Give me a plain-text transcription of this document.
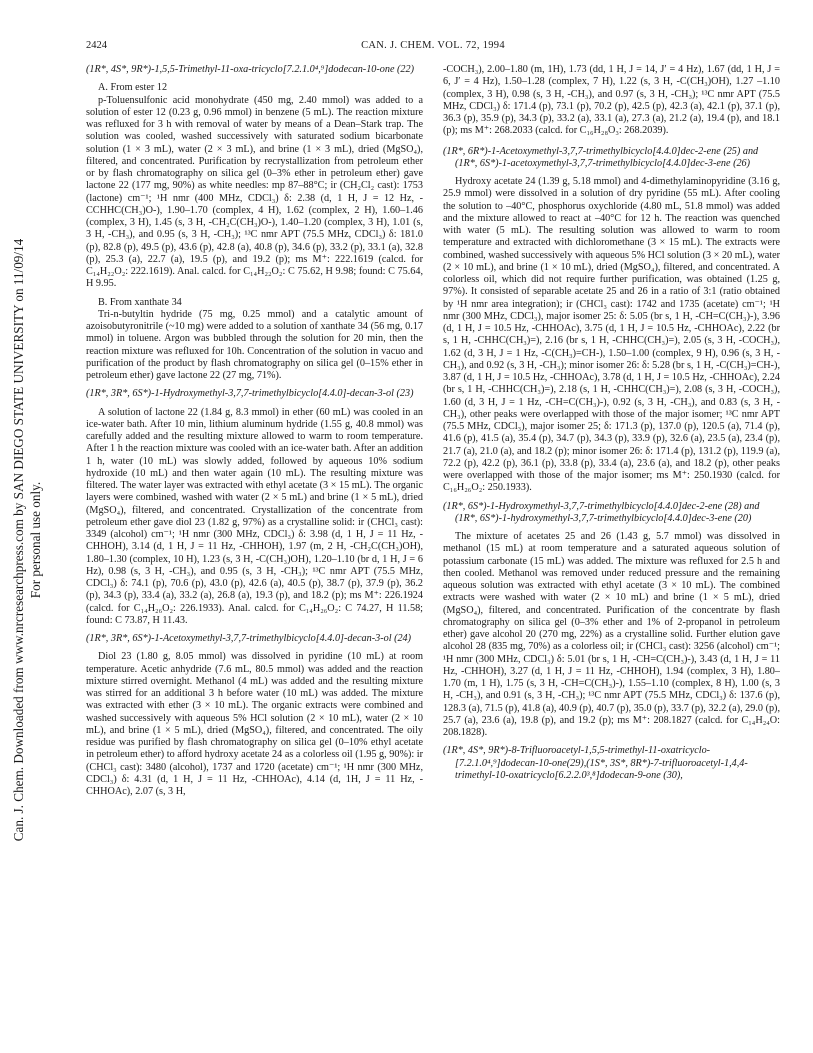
Can. J. Chem. Downloaded from www.nrcresearchpress.com by SAN DIEGO STATE UNIVERSITY on 11/09/14 For personal use only.
2424	CAN. J. CHEM. VOL. 72, 1994

(1R*, 4S*, 9R*)-1,5,5-Trimethyl-11-oxa-tricyclo[7.2.1.0⁴,⁹]dodecan-10-one (22)

A. From ester 12

p-Toluensulfonic acid monohydrate (450 mg, 2.40 mmol) was added to a solution of ester 12 (0.23 g, 0.96 mmol) in benzene (5 mL). The reaction mixture was refluxed for 3 h with removal of water by means of a Dean–Stark trap. The solution was cooled, washed successively with saturated sodium bicarbonate solution (1 × 3 mL), water (2 × 3 mL), and brine (1 × 3 mL), dried (MgSO₄), filtered, and concentrated. Purification by recrystallization from petroleum ether or by flash chromatography on silica gel (0–3% ether in petroleum ether) gave lactone 22 (177 mg, 90%) as white needles: mp 87–88°C; ir (CH₂Cl₂ cast): 1753 (lactone) cm⁻¹; ¹H nmr (400 MHz, CDCl₃) δ: 2.38 (d, 1 H, J = 12 Hz, -CCHHC(CH₃)O-), 1.90–1.70 (complex, 4 H), 1.62 (complex, 2 H), 1.60–1.46 (complex, 3 H), 1.45 (s, 3 H, -CH₂C(CH₃)O-), 1.40–1.20 (complex, 3 H), 1.01 (s, 3 H, -CH₃), and 0.95 (s, 3 H, -CH₃); ¹³C nmr APT (75.5 MHz, CDCl₃) δ: 181.0 (p), 82.8 (p), 49.5 (p), 43.6 (p), 42.8 (a), 40.8 (p), 34.6 (p), 33.2 (p), 33.1 (a), 32.8 (p), 25.3 (a), 22.7 (a), 19.5 (p), and 19.2 (p); ms M⁺: 222.1619 (calcd. for C₁₄H₂₂O₂: 222.1619). Anal. calcd. for C₁₄H₂₂O₂: C 75.62, H 9.98; found: C 75.64, H 9.95.

B. From xanthate 34

Tri-n-butyltin hydride (75 mg, 0.25 mmol) and a catalytic amount of azoisobutyronitrile (~10 mg) were added to a solution of xanthate 34 (56 mg, 0.17 mmol) in toluene. Argon was bubbled through the solution for 20 min, then the reaction mixture was refluxed for 10h. Concentration of the solution in vacuo and purification of the product by flash chromatography on silica gel (0–15% ether in petroleum ether) gave lactone 22 (27 mg, 71%).

(1R*, 3R*, 6S*)-1-Hydroxymethyl-3,7,7-trimethylbicyclo[4.4.0]-decan-3-ol (23)

A solution of lactone 22 (1.84 g, 8.3 mmol) in ether (60 mL) was cooled in an ice-water bath. After 10 min, lithium aluminum hydride (1.55 g, 40.8 mmol) was carefully added and the resulting mixture allowed to warm to room temperature. After 1 h the reaction mixture was cooled with an ice-water bath. After an addition 1 h, water (10 mL) was slowly added, followed by aqueous 10% sodium hydroxide (10 mL) and then water again (10 mL). The resulting mixture was filtered. The water layer was extracted with ethyl acetate (3 × 15 mL). The organic layers were combined, washed with water (2 × 5 mL) and brine (1 × 5 mL), dried (MgSO₄), filtered, and concentrated. Crystallization of the concentrate from petroleum ether gave diol 23 (1.82 g, 97%) as a crystalline solid: ir (CHCl₃ cast): 3349 (alcohol) cm⁻¹; ¹H nmr (300 MHz, CDCl₃) δ: 3.98 (d, 1 H, J = 11 Hz, -CHHOH), 3.14 (d, 1 H, J = 11 Hz, -CHHOH), 1.97 (m, 2 H, -CH₂C(CH₃)OH), 1.80–1.30 (complex, 10 H), 1.23 (s, 3 H, -C(CH₃)OH), 1.20–1.10 (br d, 1 H, J = 6 Hz), 0.98 (s, 3 H, -CH₃), and 0.95 (s, 3 H, -CH₃); ¹³C nmr APT (75.5 MHz, CDCl₃) δ: 74.1 (p), 70.6 (p), 43.0 (p), 42.6 (a), 40.5 (p), 38.7 (p), 37.9 (p), 36.2 (p), 34.3 (p), 33.4 (a), 33.2 (a), 26.8 (a), 19.3 (p), and 18.2 (p); ms M⁺: 226.1924 (calcd. for C₁₄H₂₆O₂: 226.1933). Anal. calcd. for C₁₄H₂₆O₂: C 74.27, H 11.58; found: C 73.87, H 11.43.

(1R*, 3R*, 6S*)-1-Acetoxymethyl-3,7,7-trimethylbicyclo[4.4.0]-decan-3-ol (24)

Diol 23 (1.80 g, 8.05 mmol) was dissolved in pyridine (10 mL) at room temperature. Acetic anhydride (7.6 mL, 80.5 mmol) was added and the reaction mixture stirred overnight. Methanol (4 mL) was added and the resulting mixture was stirred for an additional 3 h before water (10 mL) was added. The mixture was extracted with ether (3 × 10 mL). The organic extracts were combined and washed successively with aqueous 5% HCl solution (2 × 10 mL), water (2 × 10 mL), and brine (1 × 5 mL), dried (MgSO₄), filtered, and concentrated. The oily residue was purified by flash chromatography on silica gel (0–10% ethyl acetate in petroleum ether) to afford hydroxy acetate 24 as a colorless oil (1.95 g, 90%): ir (CHCl₃ cast): 3480 (alcohol), 1737 and 1720 (acetate) cm⁻¹; ¹H nmr (300 MHz, CDCl₃) δ: 4.31 (d, 1 H, J = 11 Hz, -CHHOAc), 4.14 (d, 1H, J = 11 Hz, -CHHOAc), 2.07 (s, 3 H,

-COCH₃), 2.00–1.80 (m, 1H), 1.73 (dd, 1 H, J = 14, J′ = 4 Hz), 1.67 (dd, 1 H, J = 6, J′ = 4 Hz), 1.50–1.28 (complex, 7 H), 1.22 (s, 3 H, -C(CH₃)OH), 1.27 –1.10 (complex, 3 H), 0.98 (s, 3 H, -CH₃), and 0.97 (s, 3 H, -CH₃); ¹³C nmr APT (75.5 MHz, CDCl₃) δ: 171.4 (p), 73.1 (p), 70.2 (p), 42.5 (p), 42.3 (a), 42.1 (p), 37.1 (p), 36.3 (p), 35.9 (p), 34.3 (p), 33.2 (a), 33.1 (a), 27.3 (a), 21.2 (a), 19.4 (p), and 18.1 (p); ms M⁺: 268.2033 (calcd. for C₁₆H₂₈O₃: 268.2039).

(1R*, 6R*)-1-Acetoxymethyl-3,7,7-trimethylbicyclo[4.4.0]dec-2-ene (25) and (1R*, 6S*)-1-acetoxymethyl-3,7,7-trimethylbicyclo[4.4.0]dec-3-ene (26)

Hydroxy acetate 24 (1.39 g, 5.18 mmol) and 4-dimethylaminopyridine (3.16 g, 25.9 mmol) were dissolved in a solution of dry pyridine (55 mL). After cooling the solution to –40°C, phosphorus oxychloride (4.80 mL, 51.8 mmol) was added and the mixture allowed to react at –40°C for 12 h. The reaction was quenched with water (5 mL). The resulting solution was allowed to warm to room temperature and extracted with dichloromethane (3 × 15 mL). The extracts were combined, washed successively with aqueous 5% HCl solution (3 × 20 mL), water (2 × 10 mL), and brine (1 × 10 mL), dried (MgSO₄), filtered, and concentrated. A colorless oil, which did not require further purification, was obtained (1.25 g, 97%). It consisted of separable acetate 25 and 26 in a ratio of 3:1 (ratio obtained by ¹H nmr area integration); ir (CHCl₃ cast): 1742 and 1735 (acetate) cm⁻¹; ¹H nmr (300 MHz, CDCl₃), major isomer 25: δ: 5.05 (br s, 1 H, -CH=C(CH₃)-), 3.96 (d, 1 H, J = 10.5 Hz, -CHHOAc), 3.75 (d, 1 H, J = 10.5 Hz, -CHHOAc), 2.22 (br s, 1 H, -CHHC(CH₃)=), 2.16 (br s, 1 H, -CHHC(CH₃)=), 2.05 (s, 3 H, -COCH₃), 1.62 (d, 3 H, J = 1 Hz, -C(CH₃)=CH-), 1.50–1.00 (complex, 9 H), 0.96 (s, 3 H, -CH₃), and 0.92 (s, 3 H, -CH₃); minor isomer 26: δ: 5.28 (br s, 1 H, -C(CH₃)=CH-), 3.87 (d, 1 H, J = 10.5 Hz, -CHHOAc), 3.78 (d, 1 H, J = 10.5 Hz, -CHHOAc), 2.24 (br s, 1 H, -CHHC(CH₃)=), 2.18 (s, 1 H, -CHHC(CH₃)=), 2.08 (s, 3 H, -COCH₃), 1.60 (d, 3 H, J = 1 Hz, -CH=C(CH₃)-), 0.92 (s, 3 H, -CH₃), and 0.83 (s, 3 H, -CH₃), other peaks were overlapped with those of the major isomer; ¹³C nmr APT (75.5 MHz, CDCl₃), major isomer 25; δ: 171.3 (p), 137.0 (p), 120.5 (a), 71.4 (p), 41.6 (p), 41.5 (a), 35.4 (p), 34.7 (p), 34.3 (p), 33.9 (p), 32.6 (a), 23.5 (a), 23.4 (p), 21.7 (a), 21.0 (a), and 18.2 (p); minor isomer 26: δ: 171.4 (p), 131.2 (p), 119.9 (a), 72.2 (p), 42.2 (p), 36.1 (p), 33.8 (p), 33.4 (a), 23.6 (a), and 18.2 (p), other peaks were overlapped with those of the major isomer; ms M⁺: 250.1930 (calcd. for C₁₆H₂₆O₂: 250.1933).

(1R*, 6S*)-1-Hydroxymethyl-3,7,7-trimethylbicyclo[4.4.0]dec-2-ene (28) and (1R*, 6S*)-1-hydroxymethyl-3,7,7-trimethylbicyclo[4.4.0]dec-3-ene (20)

The mixture of acetates 25 and 26 (1.43 g, 5.7 mmol) was dissolved in methanol (15 mL) at room temperature and a saturated aqueous solution of potassium carbonate (15 mL) was added. The mixture was refluxed for 2.5 h and then cooled. Methanol was removed under reduced pressure and the remaining aqueous solution was extracted with ethyl acetate (3 × 10 mL). The combined extracts were washed with water (2 × 10 mL) and brine (1 × 5 mL), dried (MgSO₄), filtered, and concentrated. Purification of the concentrate by flash chromatography on silica gel (0–3% ether and 1% of 2-propanol in petroleum ether) gave alcohol 20 (270 mg, 22%) as a crystalline solid. Further elution gave alcohol 28 (835 mg, 70%) as a colorless oil; ir (CHCl₃ cast): 3256 (alcohol) cm⁻¹; ¹H nmr (300 MHz, CDCl₃) δ: 5.01 (br s, 1 H, -CH=C(CH₃)-), 3.43 (d, 1 H, J = 11 Hz, -CHHOH), 3.27 (d, 1 H, J = 11 Hz, -CHHOH), 1.94 (complex, 3 H), 1.80–1.70 (m, 1 H), 1.75 (s, 3 H, -CH=C(CH₃)-), 1.55–1.10 (complex, 8 H), 1.00 (s, 3 H, -CH₃), and 0.91 (s, 3 H, -CH₃); ¹³C nmr APT (75.5 MHz, CDCl₃) δ: 137.6 (p), 128.3 (a), 71.5 (p), 41.8 (a), 40.9 (p), 40.7 (p), 35.0 (p), 33.7 (p), 32.2 (a), 29.0 (p), 25.7 (a), 23.6 (a), 19.8 (p), and 19.2 (p); ms M⁺: 208.1827 (calcd. for C₁₄H₂₄O: 208.1828).

(1R*, 4S*, 9R*)-8-Trifluoroacetyl-1,5,5-trimethyl-11-oxatricyclo-[7.2.1.0⁴,⁹]dodecan-10-one(29),(1S*, 3S*, 8R*)-7-trifluoroacetyl-1,4,4-trimethyl-10-oxatricyclo[6.2.2.0³,⁸]dodecan-9-one (30),
